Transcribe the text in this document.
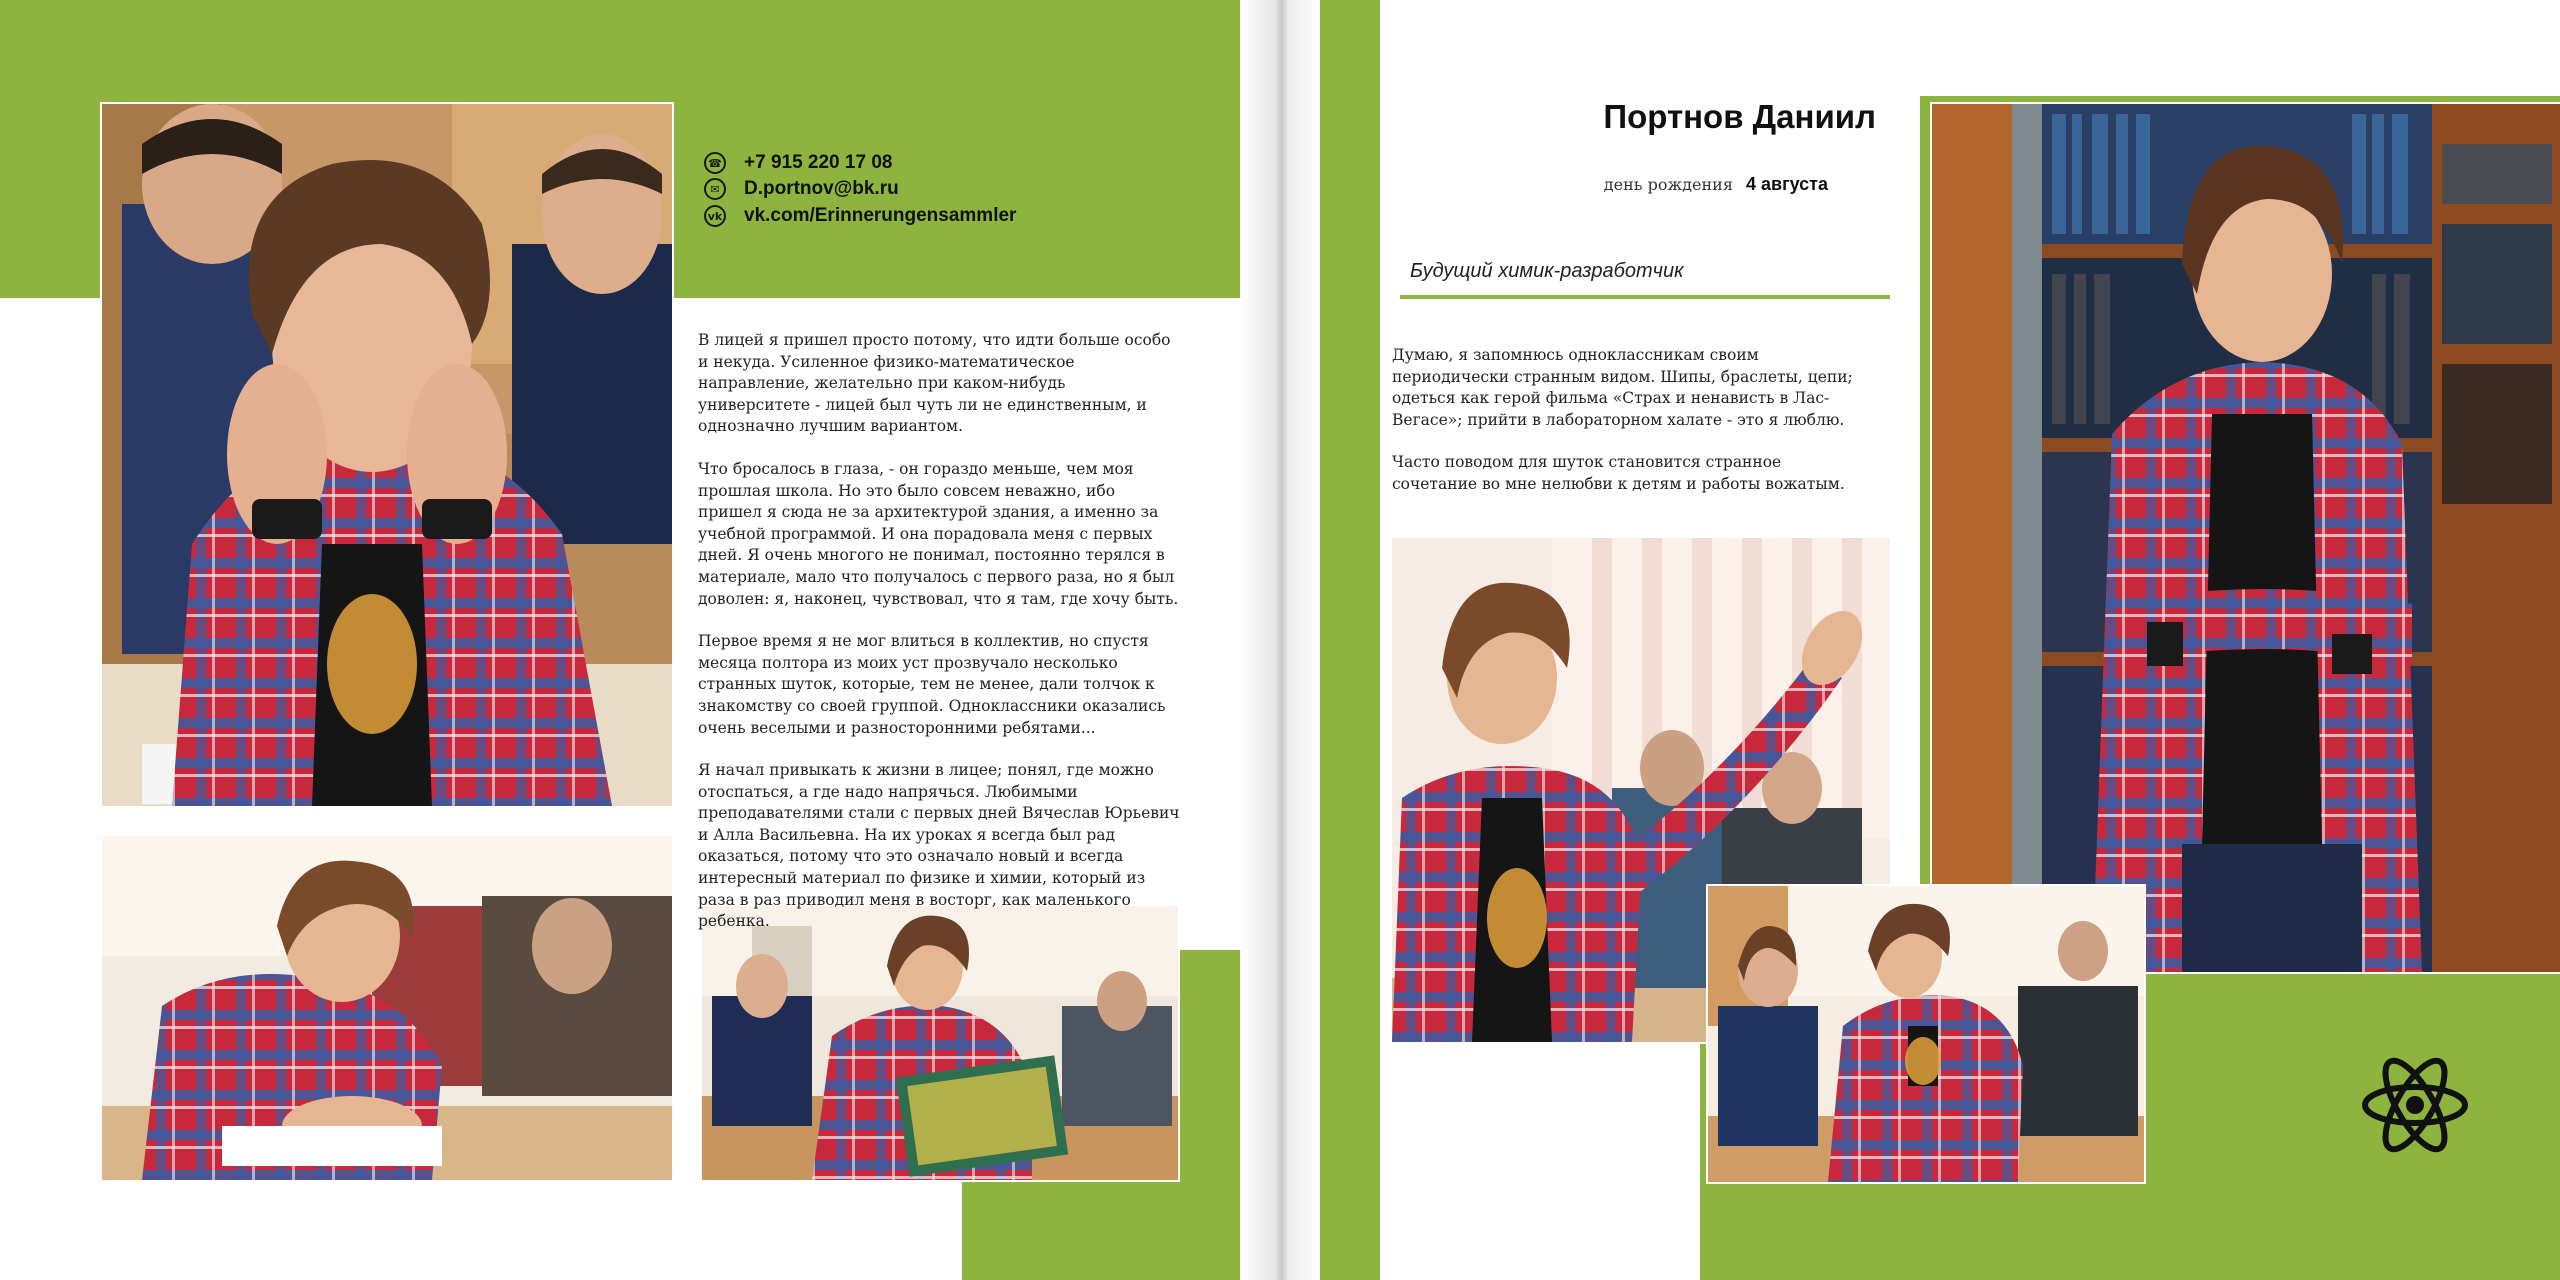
☎ +7 915 220 17 08
✉	D.portnov@bk.ru
vk vk.com/Erinnerungensammler

В лицей я пришел просто потому, что идти больше особо и некуда. Усиленное физико-математическое направление, желательно при каком-нибудь университете - лицей был чуть ли не единственным, и однозначно лучшим вариантом.

Что бросалось в глаза, - он гораздо меньше, чем моя прошлая школа. Но это было совсем неважно, ибо пришел я сюда не за архитектурой здания, а именно за учебной программой. И она порадовала меня с первых дней. Я очень многого не понимал, постоянно терялся в материале, мало что получалось с первого раза, но я был доволен: я, наконец, чувствовал, что я там, где хочу быть.

Первое время я не мог влиться в коллектив, но спустя месяца полтора из моих уст прозвучало несколько странных шуток, которые, тем не менее, дали толчок к знакомству со своей группой. Одноклассники оказались очень веселыми и разносторонними ребятами...

Я начал привыкать к жизни в лицее; понял, где можно отоспаться, а где надо напрячься. Любимыми преподавателями стали с первых дней Вячеслав Юрьевич и Алла Васильевна. На их уроках я всегда был рад оказаться, потому что это означало новый и всегда интересный материал по физике и химии, который из раза в раз приводил меня в восторг, как маленького ребенка.

Портнов Даниил
день рождения 4 августа
Будущий химик-разработчик

Думаю, я запомнюсь одноклассникам своим периодически странным видом. Шипы, браслеты, цепи; одеться как герой фильма «Страх и ненависть в Лас-Вегасе»; прийти в лабораторном халате - это я люблю.

Часто поводом для шуток становится странное сочетание во мне нелюбви к детям и работы вожатым.
